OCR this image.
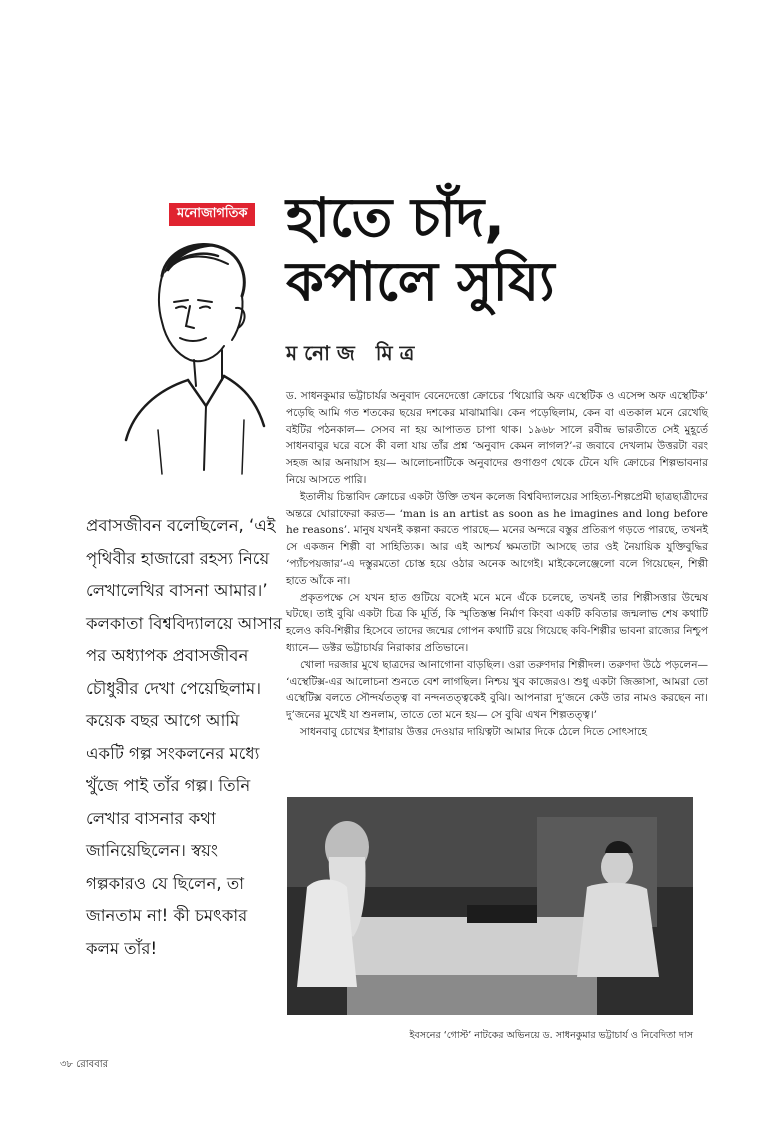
মনোজাগতিক হাতে চাঁদ,
কপালে সুয্যি
মনোজ মিত্র
প্রবাসজীবন বলেছিলেন, ‘এই পৃথিবীর হাজারো রহস্য নিয়ে লেখালেখির বাসনা আমার।’ কলকাতা বিশ্ববিদ্যালয়ে আসার পর অধ্যাপক প্রবাসজীবন চৌধুরীর দেখা পেয়েছিলাম। কয়েক বছর আগে আমি একটি গল্প সংকলনের মধ্যে খুঁজে পাই তাঁর গল্প। তিনি লেখার বাসনার কথা জানিয়েছিলেন। স্বয়ং গল্পকারও যে ছিলেন, তা জানতাম না! কী চমৎকার কলম তাঁর!

ড. সাধনকুমার ভট্টাচার্যর অনুবাদ বেনেদেত্তো ক্রোচের ‘থিয়োরি অফ এস্থেটিক ও এসেন্স অফ এস্থেটিক’ পড়েছি আমি গত শতকের ছয়ের দশকের মাঝামাঝি। কেন পড়েছিলাম, কেন বা এতকাল মনে রেখেছি বইটির পঠনকাল— সেসব না হয় আপাতত চাপা থাক। ১৯৬৮ সালে রবীন্দ্র ভারতীতে সেই মুহূর্তে সাধনবাবুর ঘরে বসে কী বলা যায় তাঁর প্রশ্ন ‘অনুবাদ কেমন লাগল?’-র জবাবে দেখলাম উত্তরটা বরং সহজ আর অনায়াস হয়— আলোচনাটিকে অনুবাদের গুণাগুণ থেকে টেনে যদি ক্রোচের শিল্পভাবনার নিয়ে আসতে পারি।

ইতালীয় চিন্তাবিদ ক্রোচের একটা উক্তি তখন কলেজ বিশ্ববিদ্যালয়ের সাহিত্য-শিল্পপ্রেমী ছাত্রছাত্রীদের অন্তরে ঘোরাফেরা করত— ‘man is an artist as soon as he imagines and long before he reasons’. মানুষ যখনই কল্পনা করতে পারছে— মনের অন্দরে বস্তুর প্রতিরূপ গড়তে পারছে, তখনই সে একজন শিল্পী বা সাহিত্যিক। আর এই আশ্চর্য ক্ষমতাটা আসছে তার ওই নৈয়ায়িক যুক্তিবুদ্ধির ‘প্যাঁচপয়জার’-এ দস্তুরমতো চোস্ত হয়ে ওঠার অনেক আগেই। মাইকেলেঞ্জেলো বলে গিয়েছেন, শিল্পী হাতে আঁকে না।

প্রকৃতপক্ষে সে যখন হাত গুটিয়ে বসেই মনে মনে এঁকে চলেছে, তখনই তার শিল্পীসত্তার উন্মেষ ঘটছে। তাই বুঝি একটা চিত্র কি মূর্তি, কি স্মৃতিস্তম্ভ নির্মাণ কিংবা একটি কবিতার জন্মলাভ শেষ কথাটি হলেও কবি-শিল্পীর হিসেবে তাদের জন্মের গোপন কথাটি রয়ে গিয়েছে কবি-শিল্পীর ভাবনা রাজ্যের নিশ্চুপ ধ্যানে— ডক্টর ভট্টাচার্যর নিরাকার প্রতিভানে।

খোলা দরজার মুখে ছাত্রদের আনাগোনা বাড়ছিল। ওরা তরুণদার শিল্পীদল। তরুণদা উঠে পড়লেন— ‘এস্থেটিক্স-এর আলোচনা শুনতে বেশ লাগছিল। নিশ্চয় খুব কাজেরও। শুধু একটা জিজ্ঞাসা, আমরা তো এস্থেটিক্স বলতে সৌন্দর্যতত্ত্ব বা নন্দনতত্ত্বকেই বুঝি। আপনারা দু’জনে কেউ তার নামও করছেন না। দু’জনের মুখেই যা শুনলাম, তাতে তো মনে হয়— সে বুঝি এখন শিল্পতত্ত্ব।’

সাধনবাবু চোখের ইশারায় উত্তর দেওয়ার দায়িত্বটা আমার দিকে ঠেলে দিতে সোৎসাহে

ইবসনের ‘গোস্ট’ নাটকের অভিনয়ে ড. সাধনকুমার ভট্টাচার্য ও নিবেদিতা দাস
৩৮ রোববার
